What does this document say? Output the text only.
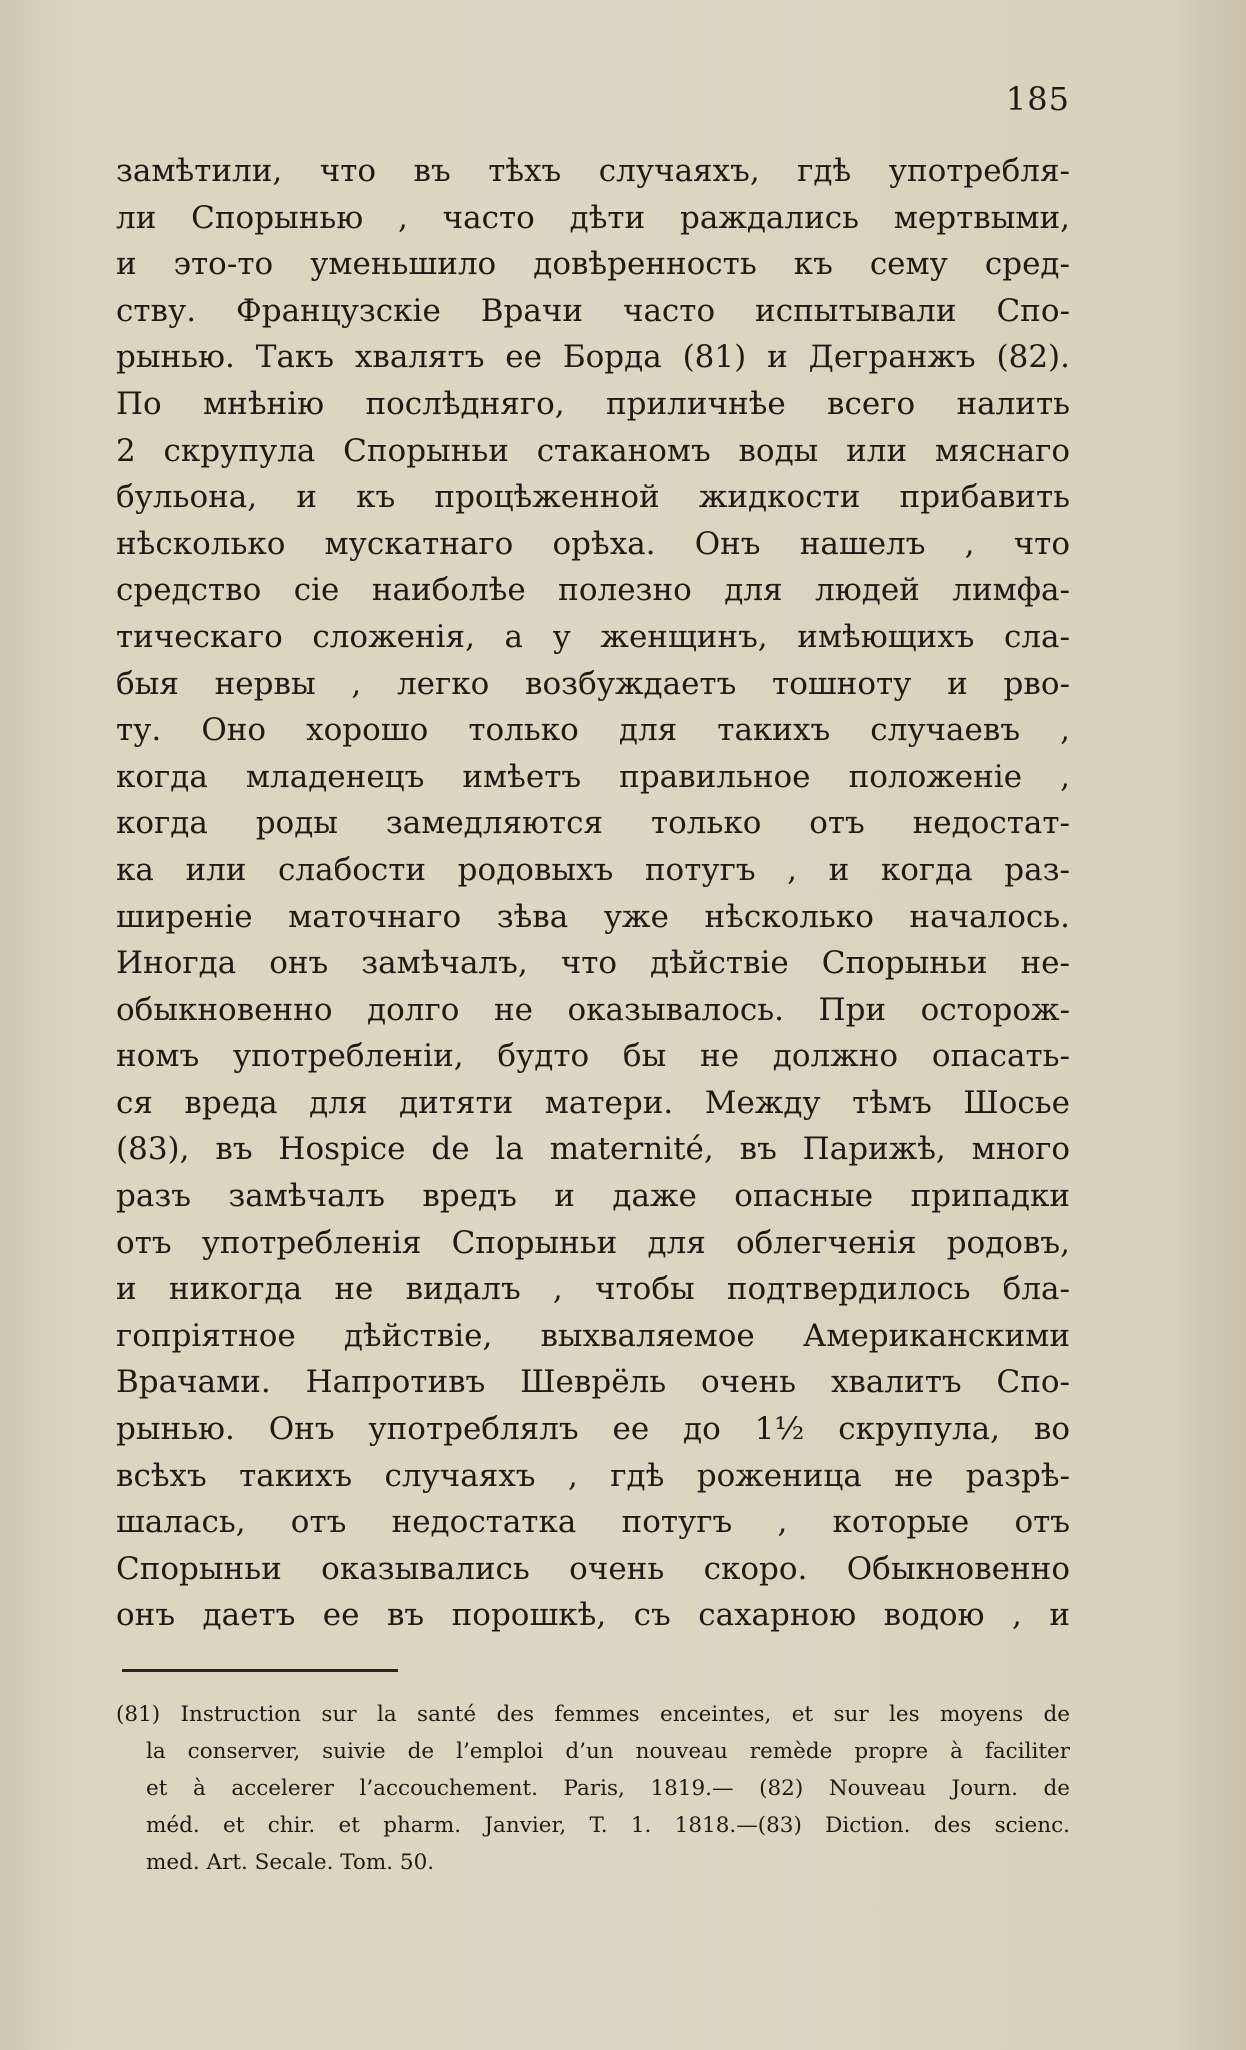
185
замѣтили, что въ тѣхъ случаяхъ, гдѣ употребля-
ли Спорынью , часто дѣти раждались мертвыми,
и это-то уменьшило довѣренность къ сему сред-
ству. Французскіе Врачи часто испытывали Спо-
рынью. Такъ хвалятъ ее Борда (81) и Дегранжъ (82).
По мнѣнію послѣдняго, приличнѣе всего налить
2 скрупула Спорыньи стаканомъ воды или мяснаго
бульона, и къ процѣженной жидкости прибавить
нѣсколько мускатнаго орѣха. Онъ нашелъ , что
средство сіе наиболѣе полезно для людей лимфа-
тическаго сложенія, а у женщинъ, имѣющихъ сла-
быя нервы , легко возбуждаетъ тошноту и рво-
ту. Оно хорошо только для такихъ случаевъ ,
когда младенецъ имѣетъ правильное положеніе ,
когда роды замедляются только отъ недостат-
ка или слабости родовыхъ потугъ , и когда раз-
ширеніе маточнаго зѣва уже нѣсколько началось.
Иногда онъ замѣчалъ, что дѣйствіе Спорыньи не-
обыкновенно долго не оказывалось. При осторож-
номъ употребленіи, будто бы не должно опасать-
ся вреда для дитяти матери. Между тѣмъ Шосье
(83), въ Hospice de la maternité, въ Парижѣ, много
разъ замѣчалъ вредъ и даже опасные припадки
отъ употребленія Спорыньи для облегченія родовъ,
и никогда не видалъ , чтобы подтвердилось бла-
гопріятное дѣйствіе, выхваляемое Американскими
Врачами. Напротивъ Шеврёль очень хвалитъ Спо-
рынью. Онъ употреблялъ ее до 1½ скрупула, во
всѣхъ такихъ случаяхъ , гдѣ роженица не разрѣ-
шалась, отъ недостатка потугъ , которые отъ
Спорыньи оказывались очень скоро. Обыкновенно
онъ даетъ ее въ порошкѣ, съ сахарною водою , и
(81) Instruction sur la santé des femmes enceintes, et sur les moyens de
la conserver, suivie de l’emploi d’un nouveau remède propre à faciliter
et à accelerer l’accouchement. Paris, 1819.— (82) Nouveau Journ. de
méd. et chir. et pharm. Janvier, T. 1. 1818.—(83) Diction. des scienc.
med. Art. Secale. Tom. 50.
